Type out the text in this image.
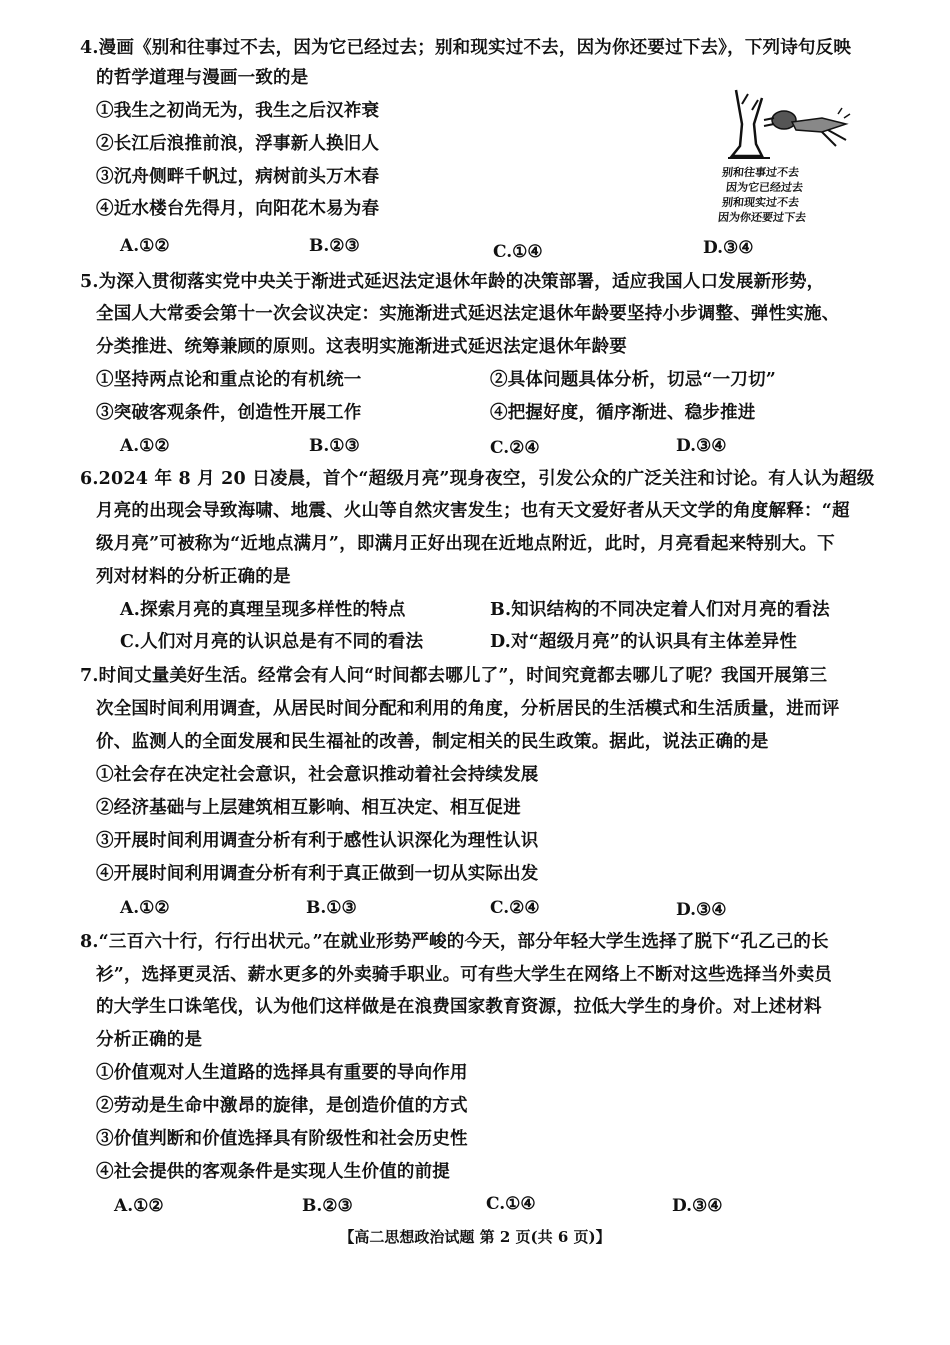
4.漫画《别和往事过不去，因为它已经过去；别和现实过不去，因为你还要过下去》，下列诗句反映
的哲学道理与漫画一致的是
①我生之初尚无为，我生之后汉祚衰
②长江后浪推前浪，浮事新人换旧人
③沉舟侧畔千帆过，病树前头万木春
④近水楼台先得月，向阳花木易为春
A.①②	B.②③	C.①④	D.③④
别和往事过不去
因为它已经过去
别和现实过不去
因为你还要过下去
5.为深入贯彻落实党中央关于渐进式延迟法定退休年龄的决策部署，适应我国人口发展新形势，
全国人大常委会第十一次会议决定：实施渐进式延迟法定退休年龄要坚持小步调整、弹性实施、
分类推进、统筹兼顾的原则。这表明实施渐进式延迟法定退休年龄要
①坚持两点论和重点论的有机统一	②具体问题具体分析，切忌“一刀切”
③突破客观条件，创造性开展工作	④把握好度，循序渐进、稳步推进
A.①②	B.①③	C.②④	D.③④
6.2024 年 8 月 20 日凌晨，首个“超级月亮”现身夜空，引发公众的广泛关注和讨论。有人认为超级
月亮的出现会导致海啸、地震、火山等自然灾害发生；也有天文爱好者从天文学的角度解释：“超
级月亮”可被称为“近地点满月”，即满月正好出现在近地点附近，此时，月亮看起来特别大。下
列对材料的分析正确的是
A.探索月亮的真理呈现多样性的特点	B.知识结构的不同决定着人们对月亮的看法
C.人们对月亮的认识总是有不同的看法	D.对“超级月亮”的认识具有主体差异性
7.时间丈量美好生活。经常会有人问“时间都去哪儿了”，时间究竟都去哪儿了呢？我国开展第三
次全国时间利用调查，从居民时间分配和利用的角度，分析居民的生活模式和生活质量，进而评
价、监测人的全面发展和民生福祉的改善，制定相关的民生政策。据此，说法正确的是
①社会存在决定社会意识，社会意识推动着社会持续发展
②经济基础与上层建筑相互影响、相互决定、相互促进
③开展时间利用调查分析有利于感性认识深化为理性认识
④开展时间利用调查分析有利于真正做到一切从实际出发
A.①②	B.①③	C.②④	D.③④
8.“三百六十行，行行出状元。”在就业形势严峻的今天，部分年轻大学生选择了脱下“孔乙己的长
衫”，选择更灵活、薪水更多的外卖骑手职业。可有些大学生在网络上不断对这些选择当外卖员
的大学生口诛笔伐，认为他们这样做是在浪费国家教育资源，拉低大学生的身价。对上述材料
分析正确的是
①价值观对人生道路的选择具有重要的导向作用
②劳动是生命中激昂的旋律，是创造价值的方式
③价值判断和价值选择具有阶级性和社会历史性
④社会提供的客观条件是实现人生价值的前提
A.①②	B.②③	C.①④	D.③④
【高二思想政治试题 第 2 页(共 6 页)】
